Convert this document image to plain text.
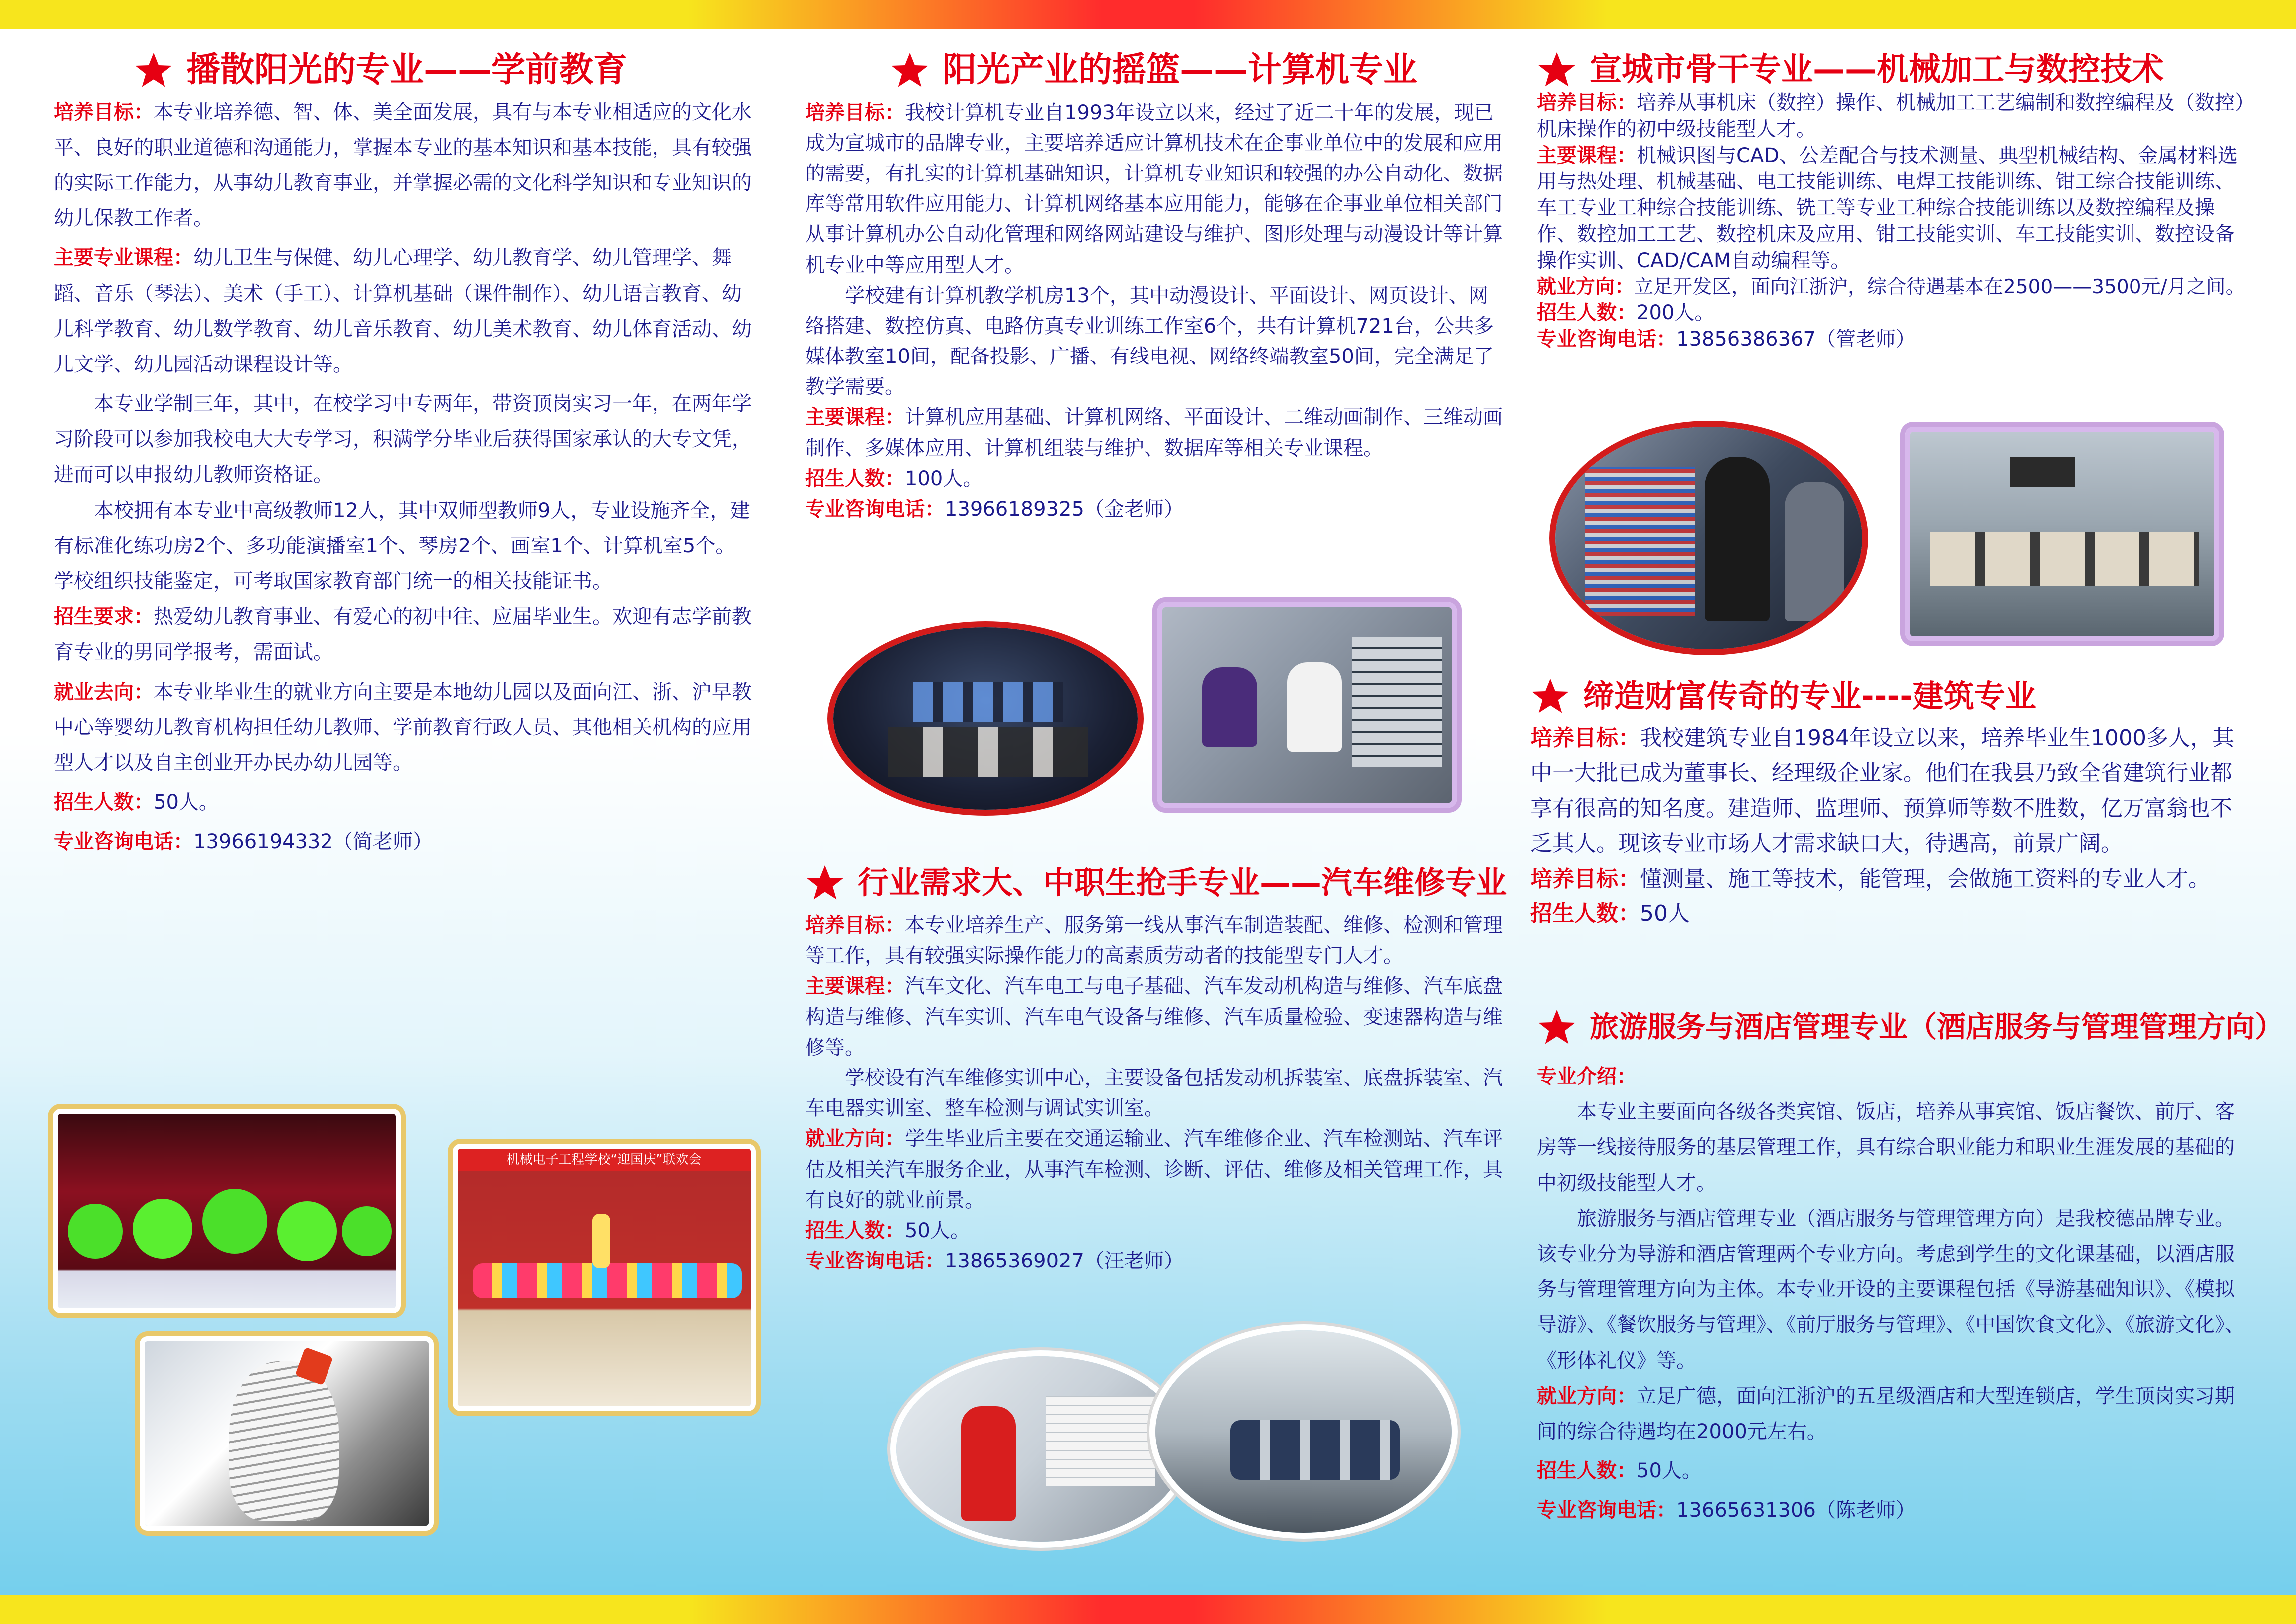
播散阳光的专业——学前教育

培养目标：本专业培养德、智、体、美全面发展，具有与本专业相适应的文化水平、良好的职业道德和沟通能力，掌握本专业的基本知识和基本技能，具有较强的实际工作能力，从事幼儿教育事业，并掌握必需的文化科学知识和专业知识的幼儿保教工作者。

主要专业课程：幼儿卫生与保健、幼儿心理学、幼儿教育学、幼儿管理学、舞蹈、音乐（琴法）、美术（手工）、计算机基础（课件制作）、幼儿语言教育、幼儿科学教育、幼儿数学教育、幼儿音乐教育、幼儿美术教育、幼儿体育活动、幼儿文学、幼儿园活动课程设计等。

本专业学制三年，其中，在校学习中专两年，带资顶岗实习一年，在两年学习阶段可以参加我校电大大专学习，积满学分毕业后获得国家承认的大专文凭，进而可以申报幼儿教师资格证。

本校拥有本专业中高级教师12人，其中双师型教师9人，专业设施齐全，建有标准化练功房2个、多功能演播室1个、琴房2个、画室1个、计算机室5个。学校组织技能鉴定，可考取国家教育部门统一的相关技能证书。

招生要求：热爱幼儿教育事业、有爱心的初中往、应届毕业生。欢迎有志学前教育专业的男同学报考，需面试。

就业去向：本专业毕业生的就业方向主要是本地幼儿园以及面向江、浙、沪早教中心等婴幼儿教育机构担任幼儿教师、学前教育行政人员、其他相关机构的应用型人才以及自主创业开办民办幼儿园等。

招生人数：50人。

专业咨询电话：13966194332（简老师）

机械电子工程学校“迎国庆”联欢会
阳光产业的摇篮——计算机专业

培养目标：我校计算机专业自1993年设立以来，经过了近二十年的发展，现已成为宣城市的品牌专业，主要培养适应计算机技术在企事业单位中的发展和应用的需要，有扎实的计算机基础知识，计算机专业知识和较强的办公自动化、数据库等常用软件应用能力、计算机网络基本应用能力，能够在企事业单位相关部门从事计算机办公自动化管理和网络网站建设与维护、图形处理与动漫设计等计算机专业中等应用型人才。

学校建有计算机教学机房13个，其中动漫设计、平面设计、网页设计、网络搭建、数控仿真、电路仿真专业训练工作室6个，共有计算机721台，公共多媒体教室10间，配备投影、广播、有线电视、网络终端教室50间，完全满足了教学需要。

主要课程：计算机应用基础、计算机网络、平面设计、二维动画制作、三维动画制作、多媒体应用、计算机组装与维护、数据库等相关专业课程。

招生人数：100人。

专业咨询电话：13966189325（金老师）

行业需求大、中职生抢手专业——汽车维修专业

培养目标：本专业培养生产、服务第一线从事汽车制造装配、维修、检测和管理等工作，具有较强实际操作能力的高素质劳动者的技能型专门人才。

主要课程：汽车文化、汽车电工与电子基础、汽车发动机构造与维修、汽车底盘构造与维修、汽车实训、汽车电气设备与维修、汽车质量检验、变速器构造与维修等。

学校设有汽车维修实训中心，主要设备包括发动机拆装室、底盘拆装室、汽车电器实训室、整车检测与调试实训室。

就业方向：学生毕业后主要在交通运输业、汽车维修企业、汽车检测站、汽车评估及相关汽车服务企业，从事汽车检测、诊断、评估、维修及相关管理工作，具有良好的就业前景。

招生人数：50人。

专业咨询电话：13865369027（汪老师）

宣城市骨干专业——机械加工与数控技术

培养目标：培养从事机床（数控）操作、机械加工工艺编制和数控编程及（数控）机床操作的初中级技能型人才。

主要课程：机械识图与CAD、公差配合与技术测量、典型机械结构、金属材料选用与热处理、机械基础、电工技能训练、电焊工技能训练、钳工综合技能训练、车工专业工种综合技能训练、铣工等专业工种综合技能训练以及数控编程及操作、数控加工工艺、数控机床及应用、钳工技能实训、车工技能实训、数控设备操作实训、CAD/CAM自动编程等。

就业方向：立足开发区，面向江浙沪，综合待遇基本在2500——3500元/月之间。

招生人数：200人。

专业咨询电话：13856386367（管老师）

缔造财富传奇的专业----建筑专业

培养目标：我校建筑专业自1984年设立以来，培养毕业生1000多人，其中一大批已成为董事长、经理级企业家。他们在我县乃致全省建筑行业都享有很高的知名度。建造师、监理师、预算师等数不胜数，亿万富翁也不乏其人。现该专业市场人才需求缺口大，待遇高，前景广阔。

培养目标：懂测量、施工等技术，能管理，会做施工资料的专业人才。

招生人数：50人

旅游服务与酒店管理专业（酒店服务与管理管理方向）

专业介绍：

本专业主要面向各级各类宾馆、饭店，培养从事宾馆、饭店餐饮、前厅、客房等一线接待服务的基层管理工作，具有综合职业能力和职业生涯发展的基础的中初级技能型人才。

旅游服务与酒店管理专业（酒店服务与管理管理方向）是我校德品牌专业。该专业分为导游和酒店管理两个专业方向。考虑到学生的文化课基础，以酒店服务与管理管理方向为主体。本专业开设的主要课程包括《导游基础知识》、《模拟导游》、《餐饮服务与管理》、《前厅服务与管理》、《中国饮食文化》、《旅游文化》、《形体礼仪》等。

就业方向：立足广德，面向江浙沪的五星级酒店和大型连锁店，学生顶岗实习期间的综合待遇均在2000元左右。

招生人数：50人。

专业咨询电话：13665631306（陈老师）
